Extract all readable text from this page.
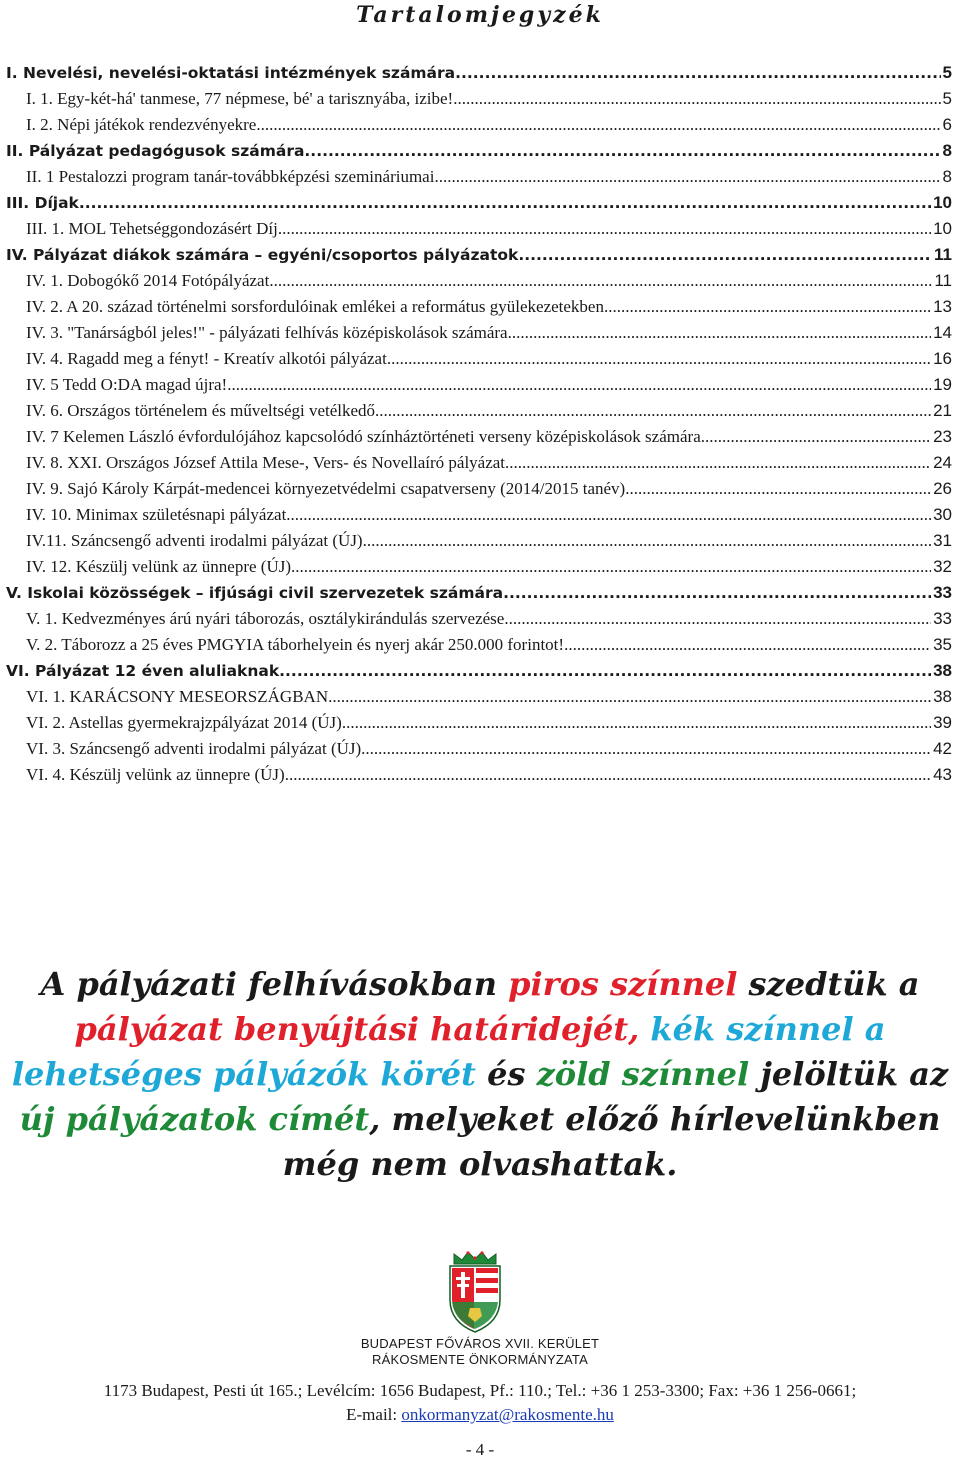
Tartalomjegyzék
I. Nevelési, nevelési-oktatási intézmények számára .....	5
I. 1. Egy-két-há' tanmese, 77 népmese, bé' a tarisznyába, izibe! .....	5
I. 2. Népi játékok rendezvényekre .....	6
II. Pályázat pedagógusok számára .....	8
II. 1 Pestalozzi program tanár-továbbképzési szemináriumai .....	8
III. Díjak .....	10
III. 1. MOL Tehetséggondozásért Díj .....	10
IV. Pályázat diákok számára – egyéni/csoportos pályázatok .....	11
IV. 1. Dobogókő 2014 Fotópályázat .....	11
IV. 2. A 20. század történelmi sorsfordulóinak emlékei a református gyülekezetekben .....	13
IV. 3. "Tanárságból jeles!" - pályázati felhívás középiskolások számára .....	14
IV. 4. Ragadd meg a fényt! - Kreatív alkotói pályázat .....	16
IV. 5 Tedd O:DA magad újra! .....	19
IV. 6. Országos történelem és műveltségi vetélkedő .....	21
IV. 7 Kelemen László évfordulójához kapcsolódó színháztörténeti verseny középiskolások számára .....	23
IV. 8. XXI. Országos József Attila Mese-, Vers- és Novellaíró pályázat .....	24
IV. 9. Sajó Károly Kárpát-medencei környezetvédelmi csapatverseny (2014/2015 tanév) .....	26
IV. 10. Minimax születésnapi pályázat .....	30
IV.11. Száncsengő adventi irodalmi pályázat (ÚJ) .....	31
IV. 12. Készülj velünk az ünnepre (ÚJ) .....	32
V. Iskolai közösségek – ifjúsági civil szervezetek számára .....	33
V. 1. Kedvezményes árú nyári táborozás, osztálykirándulás szervezése .....	33
V. 2. Táborozz a 25 éves PMGYIA táborhelyein és nyerj akár 250.000 forintot! .....	35
VI. Pályázat 12 éven aluliaknak .....	38
VI. 1. KARÁCSONY MESEORSZÁGBAN .....	38
VI. 2. Astellas gyermekrajzpályázat 2014 (ÚJ) .....	39
VI. 3. Száncsengő adventi irodalmi pályázat (ÚJ) .....	42
VI. 4. Készülj velünk az ünnepre (ÚJ) .....	43
A pályázati felhívásokban piros színnel szedtük a pályázat benyújtási határidejét, kék színnel a lehetséges pályázók körét és zöld színnel jelöltük az új pályázatok címét, melyeket előző hírlevelünkben még nem olvashattak.
BUDAPEST FŐVÁROS XVII. KERÜLET
RÁKOSMENTE ÖNKORMÁNYZATA
1173 Budapest, Pesti út 165.; Levélcím: 1656 Budapest, Pf.: 110.; Tel.: +36 1 253-3300; Fax: +36 1 256-0661;
E-mail: onkormanyzat@rakosmente.hu
- 4 -
